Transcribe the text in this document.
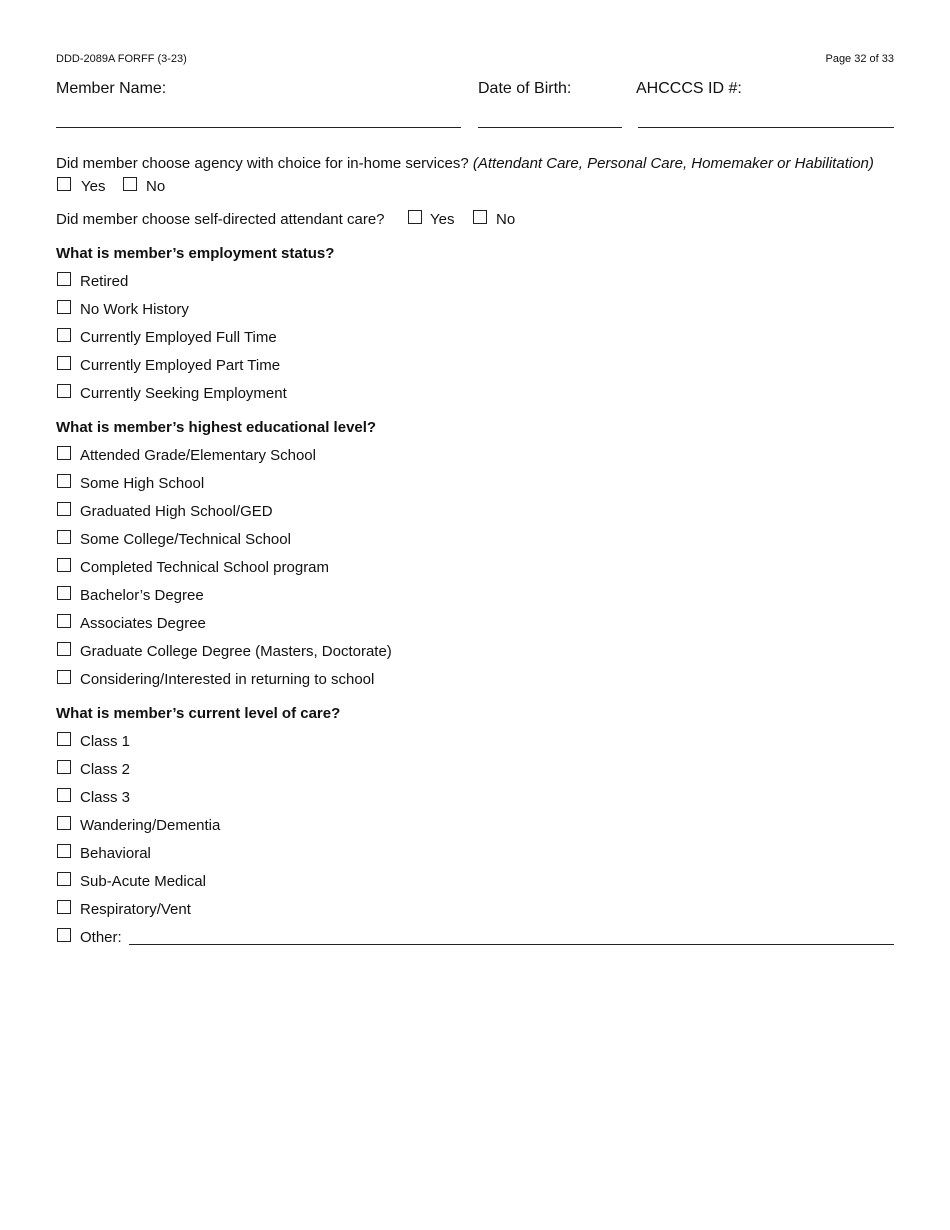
DDD-2089A FORFF (3-23)	Page 32 of 33
Member Name:	Date of Birth:	AHCCCS ID #:
Did member choose agency with choice for in-home services? (Attendant Care, Personal Care, Homemaker or Habilitation)
Yes	No
Did member choose self-directed attendant care?	Yes	No
What is member’s employment status?
Retired
No Work History
Currently Employed Full Time
Currently Employed Part Time
Currently Seeking Employment
What is member’s highest educational level?
Attended Grade/Elementary School
Some High School
Graduated High School/GED
Some College/Technical School
Completed Technical School program
Bachelor’s Degree
Associates Degree
Graduate College Degree (Masters, Doctorate)
Considering/Interested in returning to school
What is member’s current level of care?
Class 1
Class 2
Class 3
Wandering/Dementia
Behavioral
Sub-Acute Medical
Respiratory/Vent
Other:
